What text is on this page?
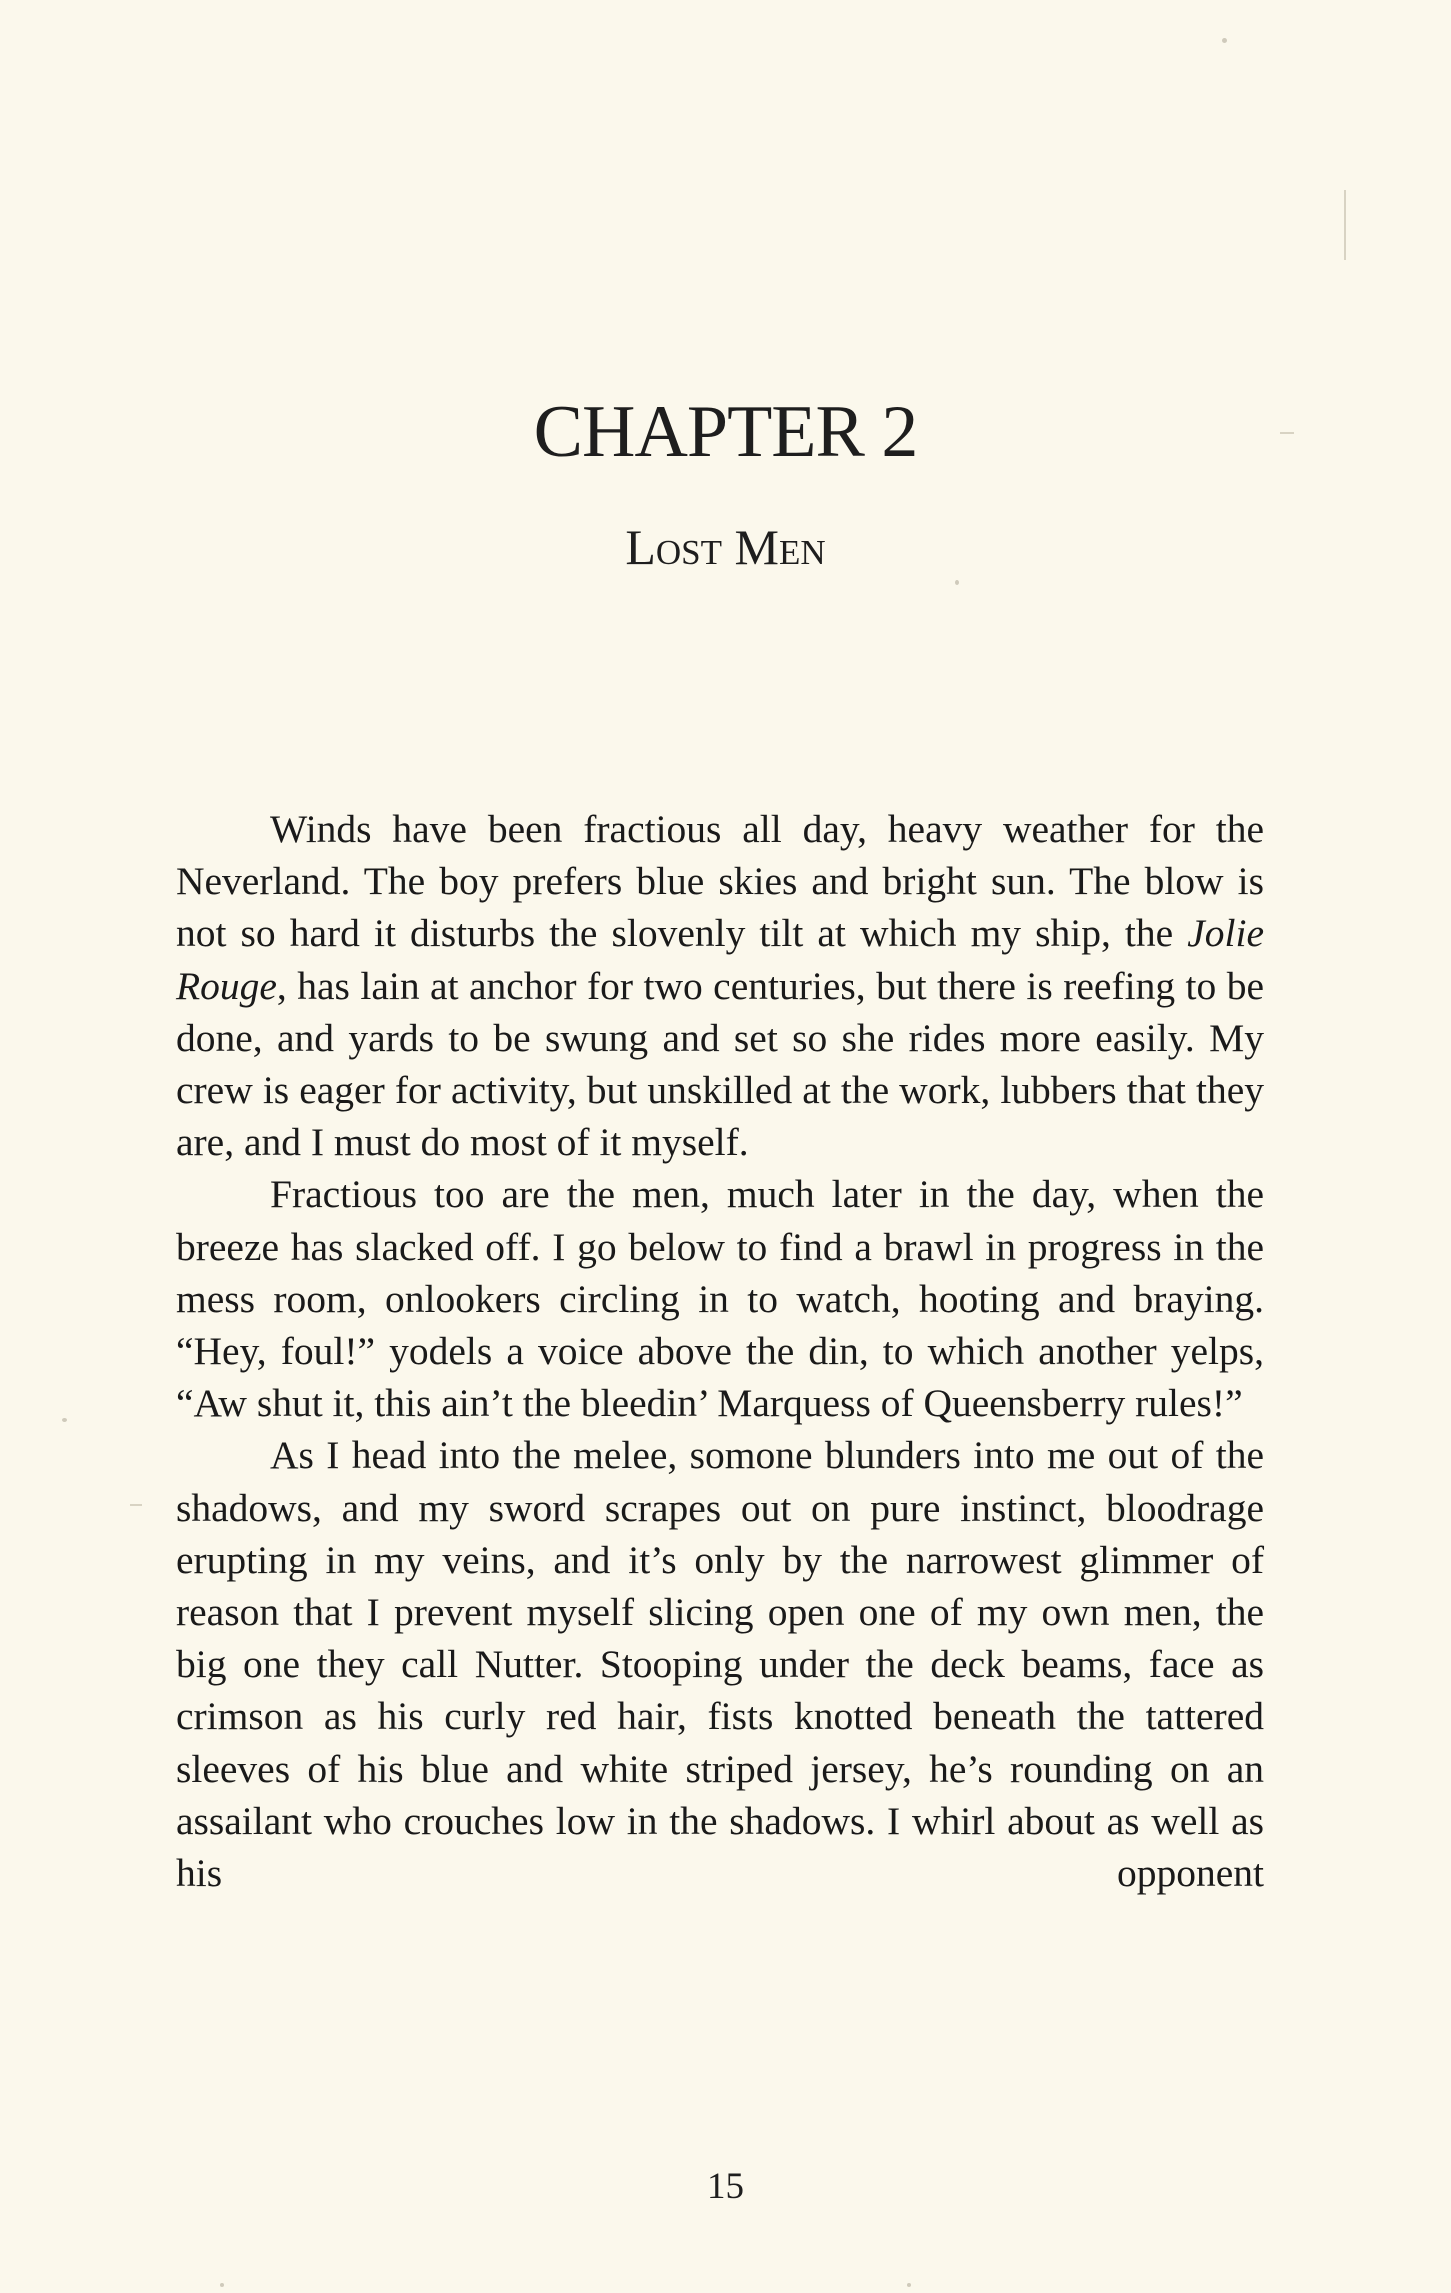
CHAPTER 2
Lost Men

Winds have been fractious all day, heavy weather for the Neverland. The boy prefers blue skies and bright sun. The blow is not so hard it disturbs the slovenly tilt at which my ship, the Jolie Rouge, has lain at anchor for two centuries, but there is reefing to be done, and yards to be swung and set so she rides more easily. My crew is eager for activity, but unskilled at the work, lubbers that they are, and I must do most of it myself.

Fractious too are the men, much later in the day, when the breeze has slacked off. I go below to find a brawl in progress in the mess room, onlookers circling in to watch, hooting and braying. “Hey, foul!” yodels a voice above the din, to which another yelps, “Aw shut it, this ain’t the bleedin’ Marquess of Queensberry rules!”

As I head into the melee, somone blunders into me out of the shadows, and my sword scrapes out on pure instinct, bloodrage erupting in my veins, and it’s only by the narrowest glimmer of reason that I prevent myself slicing open one of my own men, the big one they call Nutter. Stooping under the deck beams, face as crimson as his curly red hair, fists knotted beneath the tattered sleeves of his blue and white striped jersey, he’s rounding on an assailant who crouches low in the shadows. I whirl about as well as his opponent

15
